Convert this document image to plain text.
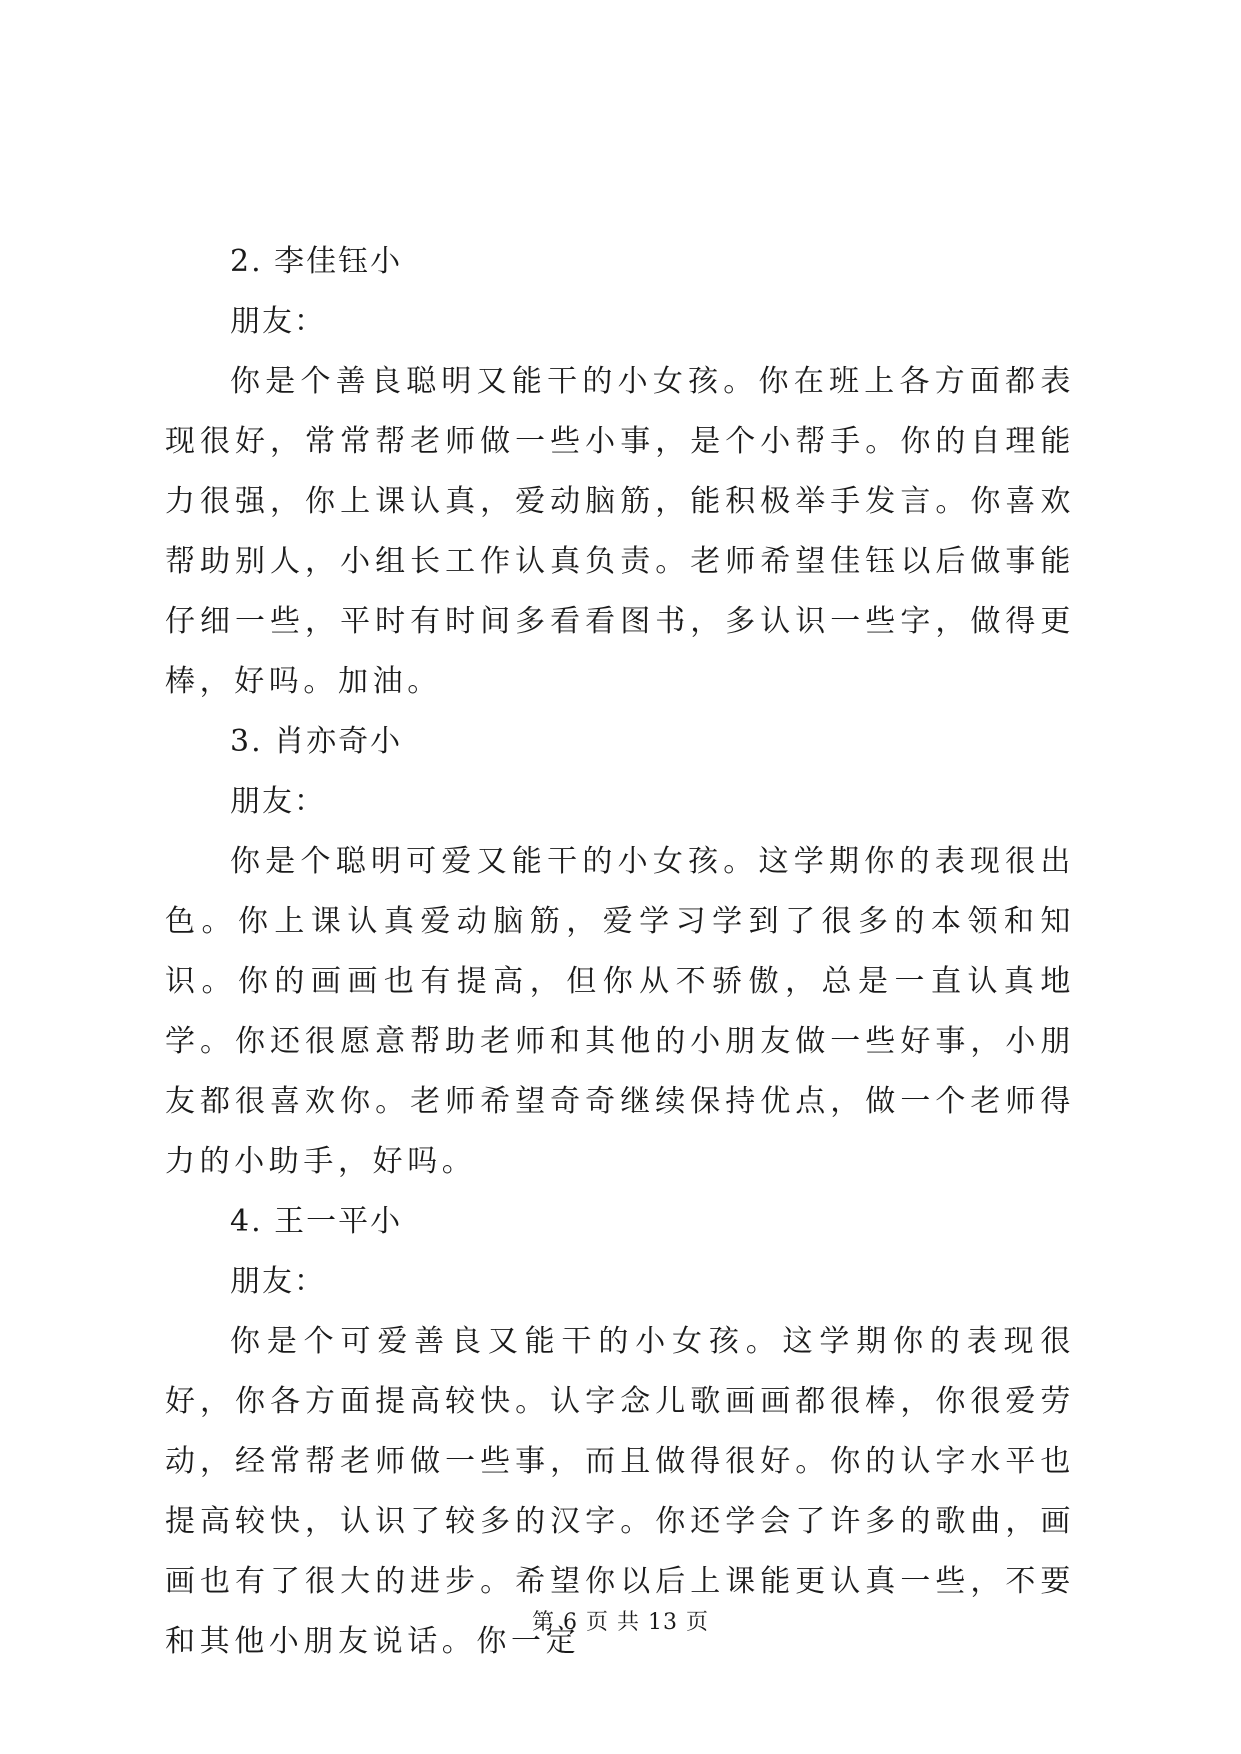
2. 李佳钰小

朋友：

你是个善良聪明又能干的小女孩。你在班上各方面都表现很好，常常帮老师做一些小事，是个小帮手。你的自理能力很强，你上课认真，爱动脑筋，能积极举手发言。你喜欢帮助别人，小组长工作认真负责。老师希望佳钰以后做事能仔细一些，平时有时间多看看图书，多认识一些字，做得更棒，好吗。加油。

3. 肖亦奇小

朋友：

你是个聪明可爱又能干的小女孩。这学期你的表现很出色。你上课认真爱动脑筋，爱学习学到了很多的本领和知识。你的画画也有提高，但你从不骄傲，总是一直认真地学。你还很愿意帮助老师和其他的小朋友做一些好事，小朋友都很喜欢你。老师希望奇奇继续保持优点，做一个老师得力的小助手，好吗。

4. 王一平小

朋友：

你是个可爱善良又能干的小女孩。这学期你的表现很好，你各方面提高较快。认字念儿歌画画都很棒，你很爱劳动，经常帮老师做一些事，而且做得很好。你的认字水平也提高较快，认识了较多的汉字。你还学会了许多的歌曲，画画也有了很大的进步。希望你以后上课能更认真一些，不要和其他小朋友说话。你一定

第 6 页 共 13 页
